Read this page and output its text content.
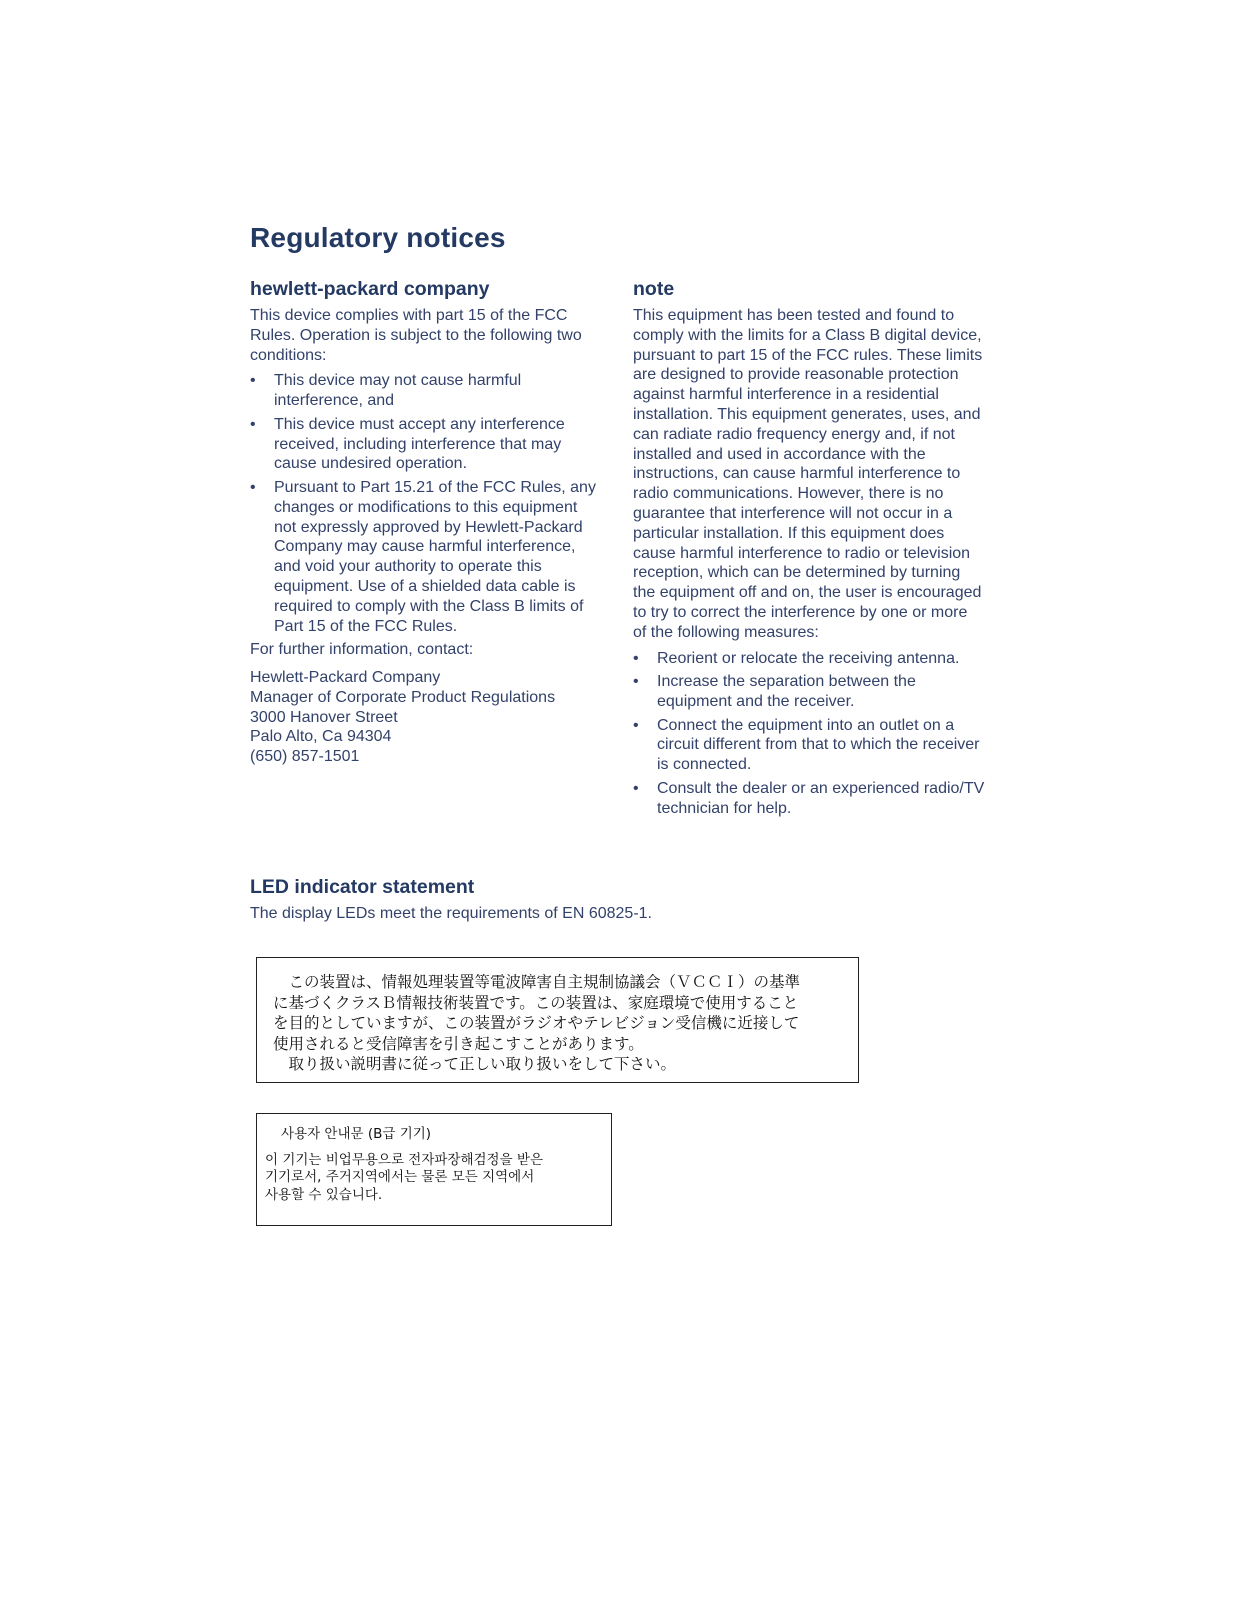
Regulatory notices
hewlett-packard company

This device complies with part 15 of the FCC Rules. Operation is subject to the following two conditions:

• This device may not cause harmful interference, and
• This device must accept any interference received, including interference that may cause undesired operation.
• Pursuant to Part 15.21 of the FCC Rules, any changes or modifications to this equipment not expressly approved by Hewlett-Packard Company may cause harmful interference, and void your authority to operate this equipment. Use of a shielded data cable is required to comply with the Class B limits of Part 15 of the FCC Rules.

For further information, contact:

Hewlett-Packard Company
Manager of Corporate Product Regulations
3000 Hanover Street
Palo Alto, Ca 94304
(650) 857-1501
note

This equipment has been tested and found to comply with the limits for a Class B digital device, pursuant to part 15 of the FCC rules. These limits are designed to provide reasonable protection against harmful interference in a residential installation. This equipment generates, uses, and can radiate radio frequency energy and, if not installed and used in accordance with the instructions, can cause harmful interference to radio communications. However, there is no guarantee that interference will not occur in a particular installation. If this equipment does cause harmful interference to radio or television reception, which can be determined by turning the equipment off and on, the user is encouraged to try to correct the interference by one or more of the following measures:

• Reorient or relocate the receiving antenna.
• Increase the separation between the equipment and the receiver.
• Connect the equipment into an outlet on a circuit different from that to which the receiver is connected.
• Consult the dealer or an experienced radio/TV technician for help.
LED indicator statement

The display LEDs meet the requirements of EN 60825-1.

　この装置は、情報処理装置等電波障害自主規制協議会（ＶＣＣＩ）の基準
に基づくクラスＢ情報技術装置です。この装置は、家庭環境で使用すること
を目的としていますが、この装置がラジオやテレビジョン受信機に近接して
使用されると受信障害を引き起こすことがあります。
　取り扱い説明書に従って正しい取り扱いをして下さい。
사용자 안내문 (B급 기기)
이 기기는 비업무용으로 전자파장해검정을 받은
기기로서, 주거지역에서는 물론 모든 지역에서
사용할 수 있습니다.
